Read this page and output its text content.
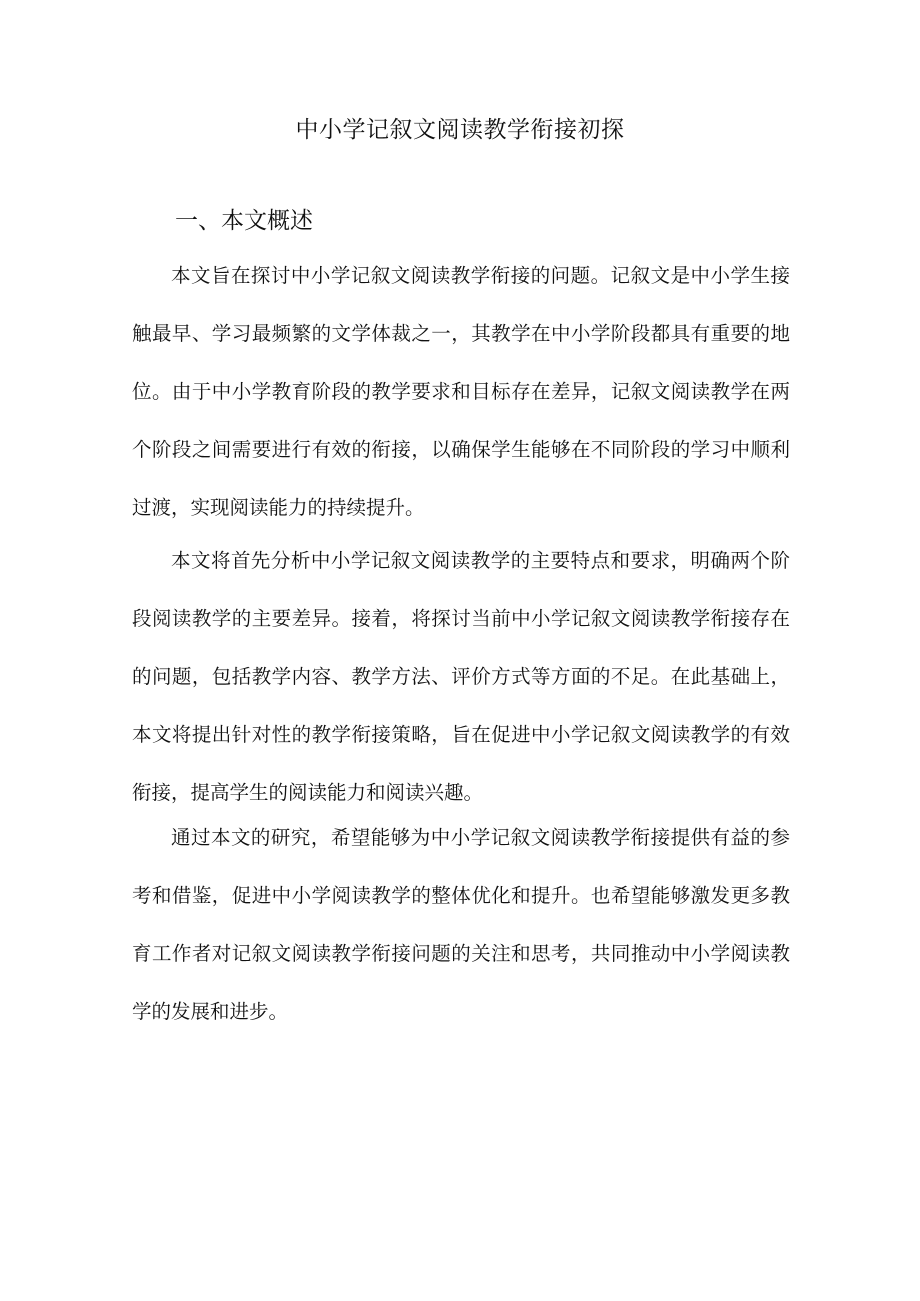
中小学记叙文阅读教学衔接初探
一、本文概述

本文旨在探讨中小学记叙文阅读教学衔接的问题。记叙文是中小学生接触最早、学习最频繁的文学体裁之一，其教学在中小学阶段都具有重要的地位。由于中小学教育阶段的教学要求和目标存在差异，记叙文阅读教学在两个阶段之间需要进行有效的衔接，以确保学生能够在不同阶段的学习中顺利过渡，实现阅读能力的持续提升。

本文将首先分析中小学记叙文阅读教学的主要特点和要求，明确两个阶段阅读教学的主要差异。接着，将探讨当前中小学记叙文阅读教学衔接存在的问题，包括教学内容、教学方法、评价方式等方面的不足。在此基础上，本文将提出针对性的教学衔接策略，旨在促进中小学记叙文阅读教学的有效衔接，提高学生的阅读能力和阅读兴趣。

通过本文的研究，希望能够为中小学记叙文阅读教学衔接提供有益的参考和借鉴，促进中小学阅读教学的整体优化和提升。也希望能够激发更多教育工作者对记叙文阅读教学衔接问题的关注和思考，共同推动中小学阅读教学的发展和进步。
